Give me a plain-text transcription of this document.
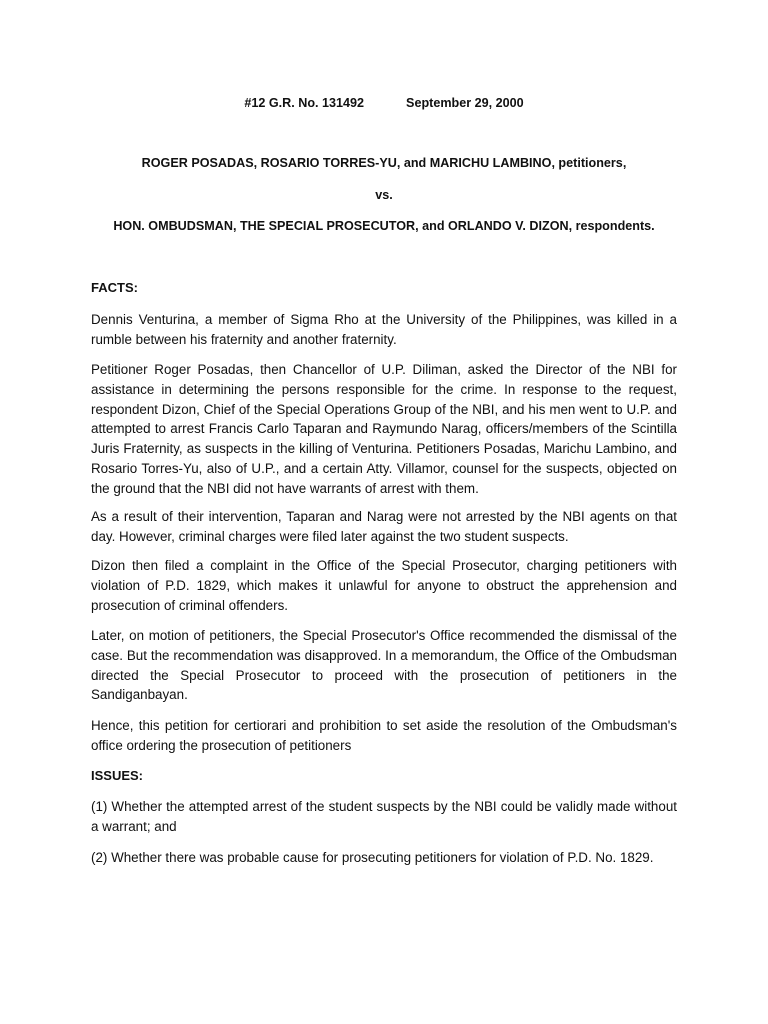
#12 G.R. No. 131492	September 29, 2000

ROGER POSADAS, ROSARIO TORRES-YU, and MARICHU LAMBINO, petitioners,

vs.

HON. OMBUDSMAN, THE SPECIAL PROSECUTOR, and ORLANDO V. DIZON, respondents.

FACTS:

Dennis Venturina, a member of Sigma Rho at the University of the Philippines, was killed in a rumble between his fraternity and another fraternity.

Petitioner Roger Posadas, then Chancellor of U.P. Diliman, asked the Director of the NBI for assistance in determining the persons responsible for the crime. In response to the request, respondent Dizon, Chief of the Special Operations Group of the NBI, and his men went to U.P. and attempted to arrest Francis Carlo Taparan and Raymundo Narag, officers/members of the Scintilla Juris Fraternity, as suspects in the killing of Venturina. Petitioners Posadas, Marichu Lambino, and Rosario Torres-Yu, also of U.P., and a certain Atty. Villamor, counsel for the suspects, objected on the ground that the NBI did not have warrants of arrest with them.

As a result of their intervention, Taparan and Narag were not arrested by the NBI agents on that day. However, criminal charges were filed later against the two student suspects.

Dizon then filed a complaint in the Office of the Special Prosecutor, charging petitioners with violation of P.D. 1829, which makes it unlawful for anyone to obstruct the apprehension and prosecution of criminal offenders.

Later, on motion of petitioners, the Special Prosecutor's Office recommended the dismissal of the case. But the recommendation was disapproved. In a memorandum, the Office of the Ombudsman directed the Special Prosecutor to proceed with the prosecution of petitioners in the Sandiganbayan.

Hence, this petition for certiorari and prohibition to set aside the resolution of the Ombudsman's office ordering the prosecution of petitioners

ISSUES:

(1) Whether the attempted arrest of the student suspects by the NBI could be validly made without a warrant; and

(2) Whether there was probable cause for prosecuting petitioners for violation of P.D. No. 1829.
